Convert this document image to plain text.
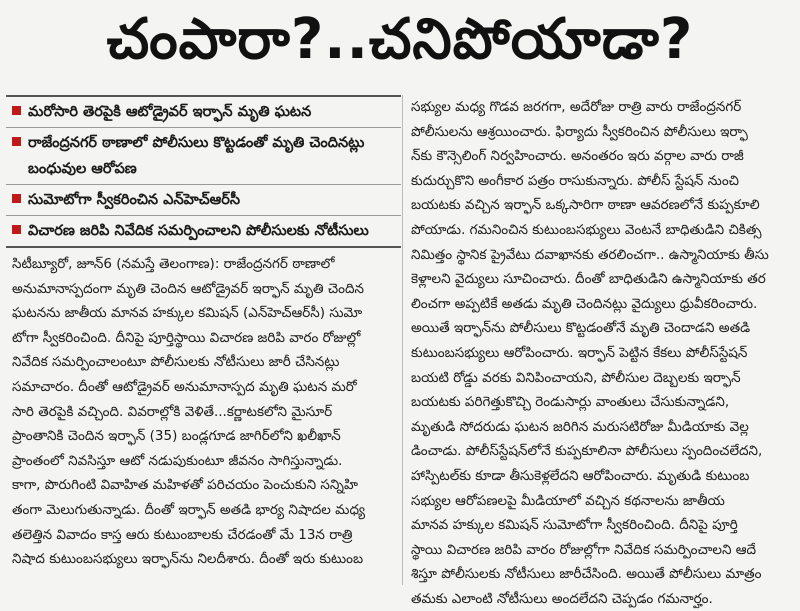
చంపారా?..చనిపోయాడా?
మరోసారి తెరపైకి ఆటోడ్రైవర్ ఇర్ఫాన్ మృతి ఘటన
రాజేంద్రనగర్ ఠాణాలో పోలీసులు కొట్టడంతో మృతి చెందినట్లు బంధువుల ఆరోపణ
సుమోటోగా స్వీకరించిన ఎన్‌హెచ్‌ఆర్‌సీ
విచారణ జరిపి నివేదిక సమర్పించాలని పోలీసులకు నోటీసులు
సిటీబ్యూరో, జూన్6 (నమస్తే తెలంగాణ): రాజేంద్రనగర్ ఠాణాలో
అనుమానాస్పదంగా మృతి చెందిన ఆటోడ్రైవర్ ఇర్ఫాన్ మృతి చెందిన
ఘటనను జాతీయ మానవ హక్కుల కమిషన్ (ఎన్‌హెచ్‌ఆర్‌సీ) సుమో
టోగా స్వీకరించింది. దీనిపై పూర్తిస్థాయి విచారణ జరిపి వారం రోజుల్లో
నివేదిక సమర్పించాలంటూ పోలీసులకు నోటీసులు జారీ చేసినట్లు
సమాచారం. దీంతో ఆటోడ్రైవర్ అనుమానాస్పద మృతి ఘటన మరో
సారి తెరపైకి వచ్చింది. వివరాల్లోకి వెళితే...కర్ణాటకలోని మైసూర్
ప్రాంతానికి చెందిన ఇర్ఫాన్ (35) బండ్లగూడ జాగిర్‌లోని ఖలీఖాన్
ప్రాంతంలో నివసిస్తూ ఆటో నడుపుకుంటూ జీవనం సాగిస్తున్నాడు.
కాగా, పొరుగింటి వివాహిత మహిళతో పరిచయం పెంచుకుని సన్నిహి
తంగా మెలుగుతున్నాడు. దీంతో ఇర్ఫాన్ అతడి భార్య నిషాదల మధ్య
తలెత్తిన వివాదం కాస్త ఆరు కుటుంబాలకు చేరడంతో మే 13న రాత్రి
నిషాద కుటుంబసభ్యులు ఇర్ఫాన్‌ను నిలదీశారు. దీంతో ఇరు కుటుంబ
సభ్యుల మధ్య గొడవ జరగగా, అదేరోజు రాత్రి వారు రాజేంద్రనగర్
పోలీసులను ఆశ్రయించారు. ఫిర్యాదు స్వీకరించిన పోలీసులు ఇర్ఫా
న్‌కు కౌన్సెలింగ్ నిర్వహించారు. అనంతరం ఇరు వర్గాల వారు రాజీ
కుదుర్చుకొని అంగీకార పత్రం రాసుకున్నారు. పోలీస్ స్టేషన్ నుంచి
బయటకు వచ్చిన ఇర్ఫాన్ ఒక్కసారిగా ఠాణా ఆవరణలోనే కుప్పకూలి
పోయాడు. గమనించిన కుటుంబసభ్యులు వెంటనే బాధితుడిని చికిత్స
నిమిత్తం స్థానిక ప్రైవేటు దవాఖానకు తరలించగా.. ఉస్మానియాకు తీసు
కెళ్లాలని వైద్యులు సూచించారు. దీంతో బాధితుడిని ఉస్మానియాకు తర
లించగా అప్పటికే అతడు మృతి చెందినట్లు వైద్యులు ధ్రువీకరించారు.
అయితే ఇర్ఫాన్‌ను పోలీసులు కొట్టడంతోనే మృతి చెందాడని అతడి
కుటుంబసభ్యులు ఆరోపించారు. ఇర్ఫాన్ పెట్టిన కేకలు పోలీస్‌స్టేషన్
బయటి రోడ్డు వరకు వినిపించాయని, పోలీసుల దెబ్బలకు ఇర్ఫాన్
బయటకు పరిగెత్తుకొచ్చి రెండుసార్లు వాంతులు చేసుకున్నాడని,
మృతుడి సోదరుడు ఘటన జరిగిన మరుసటిరోజు మీడియాకు వెల్ల
డించాడు. పోలీస్‌స్టేషన్‌లోనే కుప్పకూలినా పోలీసులు స్పందించలేదని,
హాస్పిటల్‌కు కూడా తీసుకెళ్లలేదని ఆరోపించారు. మృతుడి కుటుంబ
సభ్యుల ఆరోపణలపై మీడియాలో వచ్చిన కథనాలను జాతీయ
మానవ హక్కుల కమిషన్ సుమోటోగా స్వీకరించింది. దీనిపై పూర్తి
స్థాయి విచారణ జరిపి వారం రోజుల్లోగా నివేదిక సమర్పించాలని ఆదే
శిస్తూ పోలీసులకు నోటీసులు జారీచేసింది. అయితే పోలీసులు మాత్రం
తమకు ఎలాంటి నోటీసులు అందలేదని చెప్పడం గమనార్హం.
